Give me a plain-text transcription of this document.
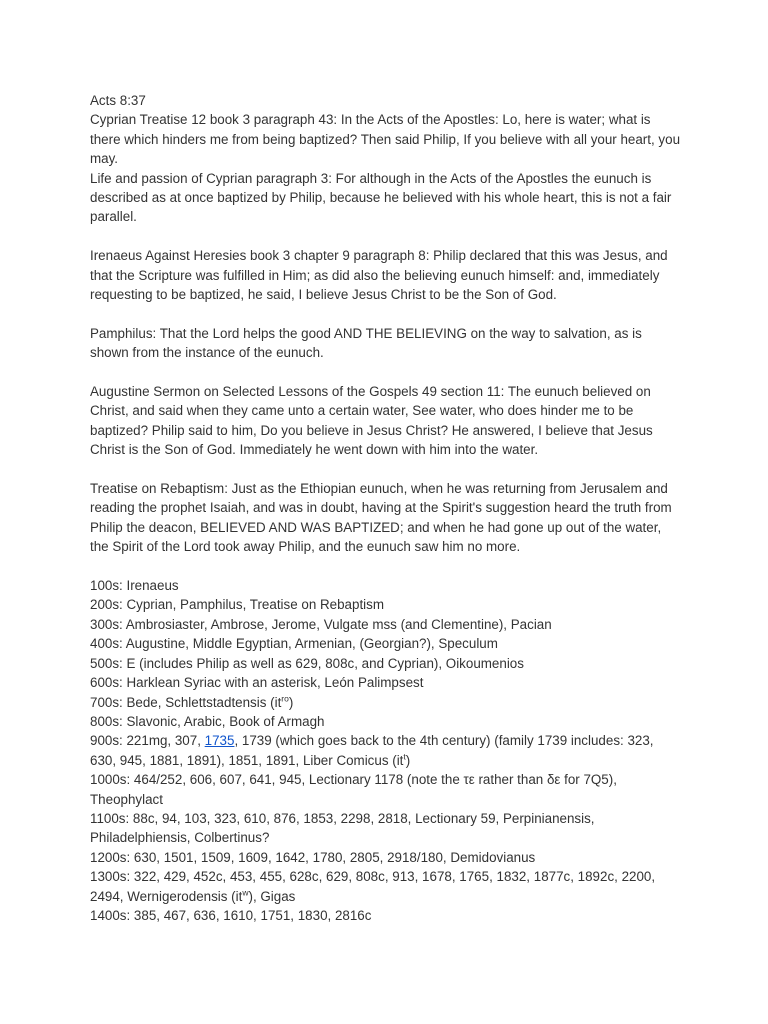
Acts 8:37

Cyprian Treatise 12 book 3 paragraph 43: In the Acts of the Apostles: Lo, here is water; what is there which hinders me from being baptized? Then said Philip, If you believe with all your heart, you may.

Life and passion of Cyprian paragraph 3: For although in the Acts of the Apostles the eunuch is described as at once baptized by Philip, because he believed with his whole heart, this is not a fair parallel.

Irenaeus Against Heresies book 3 chapter 9 paragraph 8: Philip declared that this was Jesus, and that the Scripture was fulfilled in Him; as did also the believing eunuch himself: and, immediately requesting to be baptized, he said, I believe Jesus Christ to be the Son of God.

Pamphilus: That the Lord helps the good AND THE BELIEVING on the way to salvation, as is shown from the instance of the eunuch.

Augustine Sermon on Selected Lessons of the Gospels 49 section 11: The eunuch believed on Christ, and said when they came unto a certain water, See water, who does hinder me to be baptized? Philip said to him, Do you believe in Jesus Christ? He answered, I believe that Jesus Christ is the Son of God. Immediately he went down with him into the water.

Treatise on Rebaptism: Just as the Ethiopian eunuch, when he was returning from Jerusalem and reading the prophet Isaiah, and was in doubt, having at the Spirit's suggestion heard the truth from Philip the deacon, BELIEVED AND WAS BAPTIZED; and when he had gone up out of the water, the Spirit of the Lord took away Philip, and the eunuch saw him no more.

100s: Irenaeus

200s: Cyprian, Pamphilus, Treatise on Rebaptism

300s: Ambrosiaster, Ambrose, Jerome, Vulgate mss (and Clementine), Pacian

400s: Augustine, Middle Egyptian, Armenian, (Georgian?), Speculum

500s: E (includes Philip as well as 629, 808c, and Cyprian), Oikoumenios

600s: Harklean Syriac with an asterisk, León Palimpsest

700s: Bede, Schlettstadtensis $(it^{ro})$

800s: Slavonic, Arabic, Book of Armagh

900s: 221mg, 307, 1735, 1739 (which goes back to the 4th century) (family 1739 includes: 323, 630, 945, 1881, 1891), 1851, 1891, Liber Comicus $(it^t)$

1000s: 464/252, 606, 607, 641, 945, Lectionary 1178 (note the τε rather than δε for 7Q5), Theophylact

1100s: 88c, 94, 103, 323, 610, 876, 1853, 2298, 2818, Lectionary 59, Perpinianensis, Philadelphiensis, Colbertinus?

1200s: 630, 1501, 1509, 1609, 1642, 1780, 2805, 2918/180, Demidovianus

1300s: 322, 429, 452c, 453, 455, 628c, 629, 808c, 913, 1678, 1765, 1832, 1877c, 1892c, 2200, 2494, Wernigerodensis $(it^w)$, Gigas

1400s: 385, 467, 636, 1610, 1751, 1830, 2816c
